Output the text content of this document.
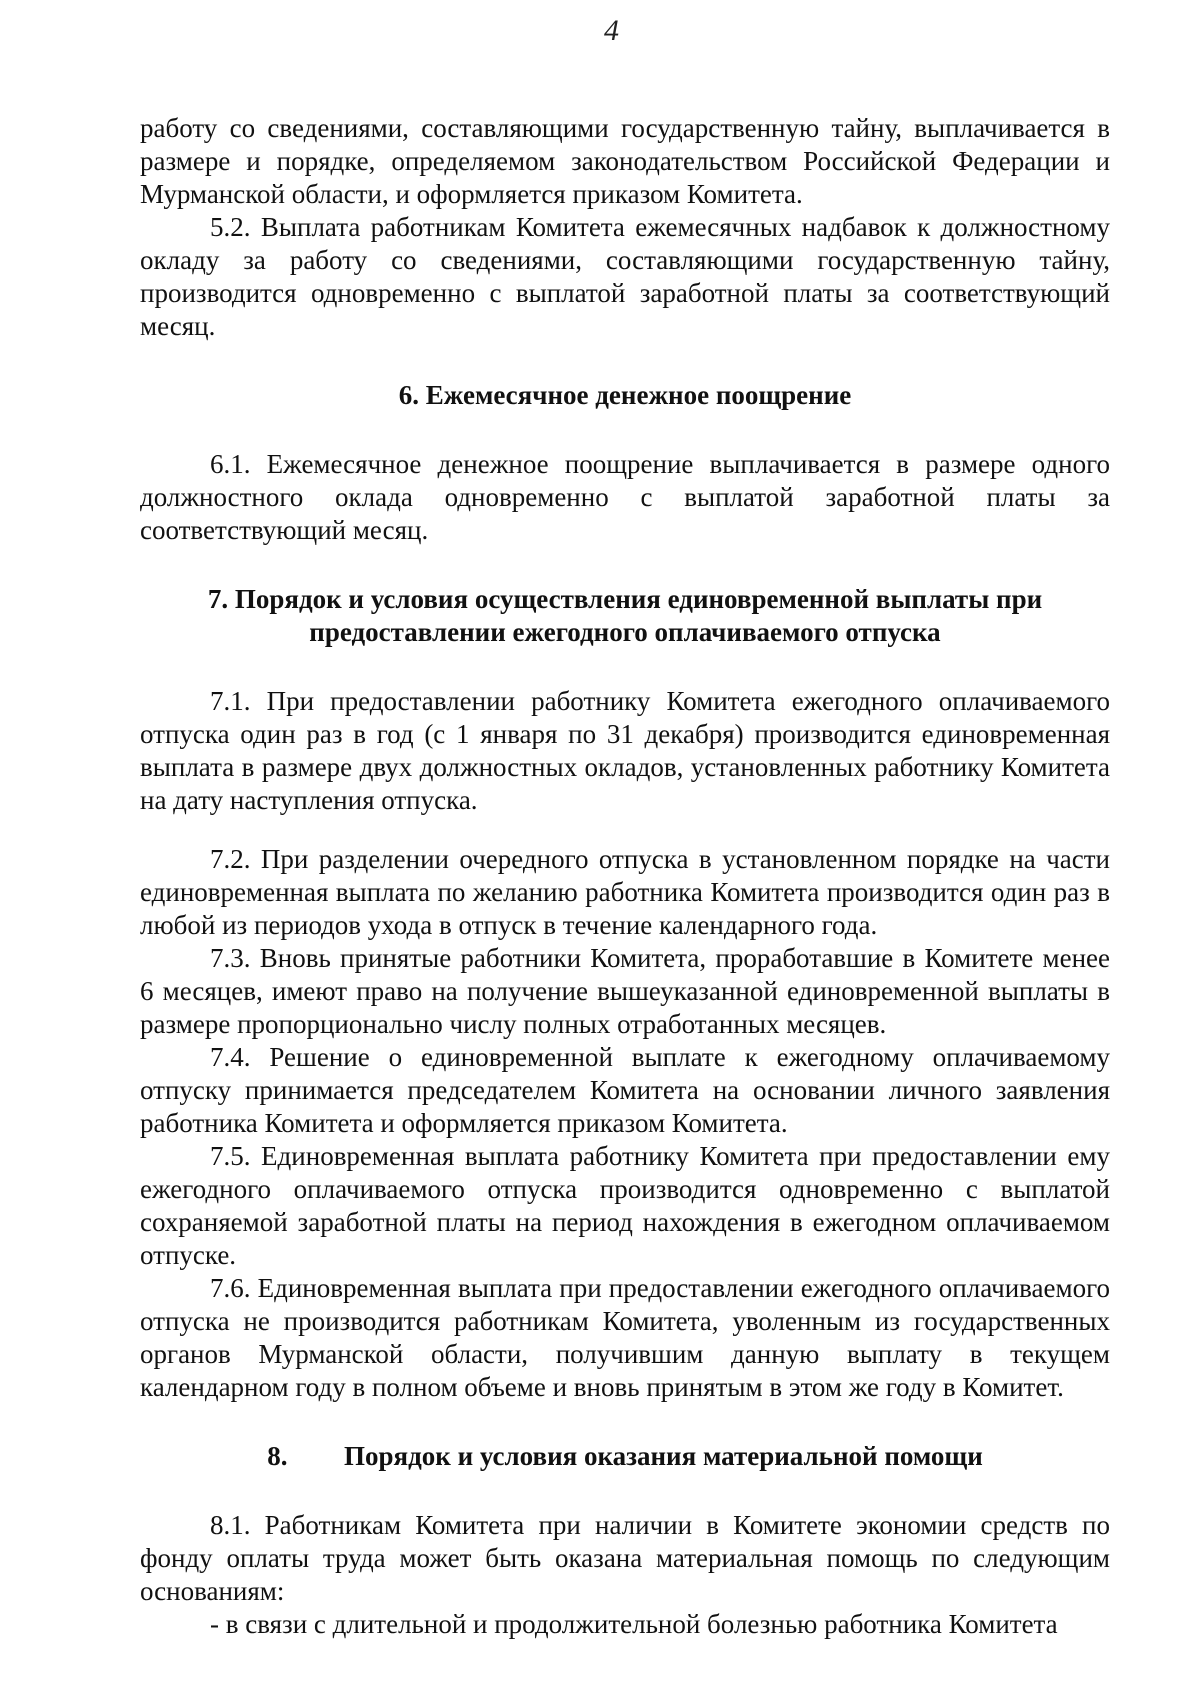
4

работу со сведениями, составляющими государственную тайну, выплачивается в размере и порядке, определяемом законодательством Российской Федерации и Мурманской области, и оформляется приказом Комитета.

5.2. Выплата работникам Комитета ежемесячных надбавок к должностному окладу за работу со сведениями, составляющими государственную тайну, производится одновременно с выплатой заработной платы за соответствующий месяц.

6. Ежемесячное денежное поощрение

6.1. Ежемесячное денежное поощрение выплачивается в размере одного должностного оклада одновременно с выплатой заработной платы за соответствующий месяц.

7. Порядок и условия осуществления единовременной выплаты при

предоставлении ежегодного оплачиваемого отпуска

7.1. При предоставлении работнику Комитета ежегодного оплачиваемого отпуска один раз в год (с 1 января по 31 декабря) производится единовременная выплата в размере двух должностных окладов, установленных работнику Комитета на дату наступления отпуска.

7.2. При разделении очередного отпуска в установленном порядке на части единовременная выплата по желанию работника Комитета производится один раз в любой из периодов ухода в отпуск в течение календарного года.

7.3. Вновь принятые работники Комитета, проработавшие в Комитете менее 6 месяцев, имеют право на получение вышеуказанной единовременной выплаты в размере пропорционально числу полных отработанных месяцев.

7.4. Решение о единовременной выплате к ежегодному оплачиваемому отпуску принимается председателем Комитета на основании личного заявления работника Комитета и оформляется приказом Комитета.

7.5. Единовременная выплата работнику Комитета при предоставлении ему ежегодного оплачиваемого отпуска производится одновременно с выплатой сохраняемой заработной платы на период нахождения в ежегодном оплачиваемом отпуске.

7.6. Единовременная выплата при предоставлении ежегодного оплачиваемого отпуска не производится работникам Комитета, уволенным из государственных органов Мурманской области, получившим данную выплату в текущем календарном году в полном объеме и вновь принятым в этом же году в Комитет.

8. Порядок и условия оказания материальной помощи

8.1. Работникам Комитета при наличии в Комитете экономии средств по фонду оплаты труда может быть оказана материальная помощь по следующим основаниям:

- в связи с длительной и продолжительной болезнью работника Комитета
